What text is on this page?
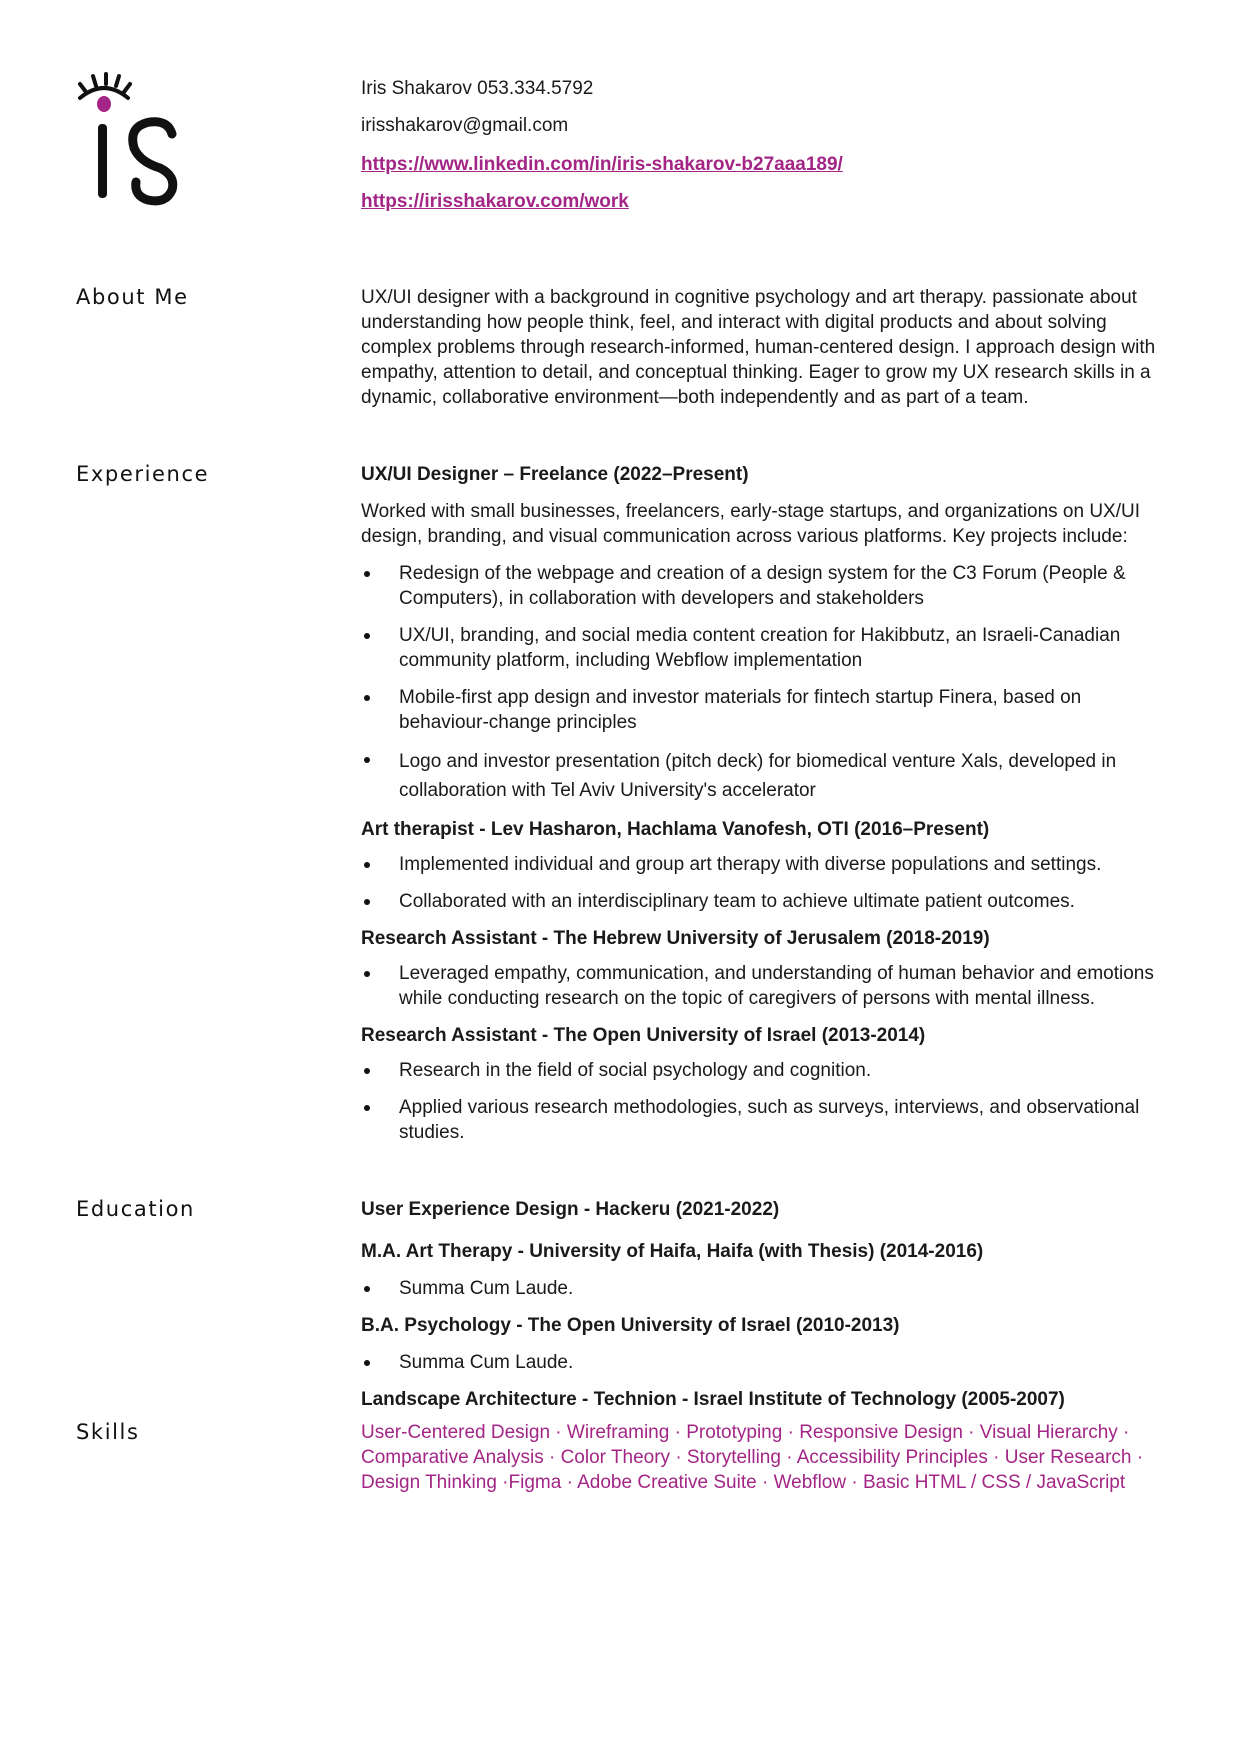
Iris Shakarov 053.334.5792
irisshakarov@gmail.com
https://www.linkedin.com/in/iris-shakarov-b27aaa189/
https://irisshakarov.com/work
About Me	UX/UI designer with a background in cognitive psychology and art therapy. passionate about understanding how people think, feel, and interact with digital products and about solving complex problems through research-informed, human-centered design. I approach design with empathy, attention to detail, and conceptual thinking. Eager to grow my UX research skills in a dynamic, collaborative environment—both independently and as part of a team.
Experience	UX/UI Designer – Freelance (2022–Present)

Worked with small businesses, freelancers, early-stage startups, and organizations on UX/UI design, branding, and visual communication across various platforms. Key projects include:

Redesign of the webpage and creation of a design system for the C3 Forum (People & Computers), in collaboration with developers and stakeholders
UX/UI, branding, and social media content creation for Hakibbutz, an Israeli-Canadian community platform, including Webflow implementation
Mobile-first app design and investor materials for fintech startup Finera, based on behaviour-change principles
Logo and investor presentation (pitch deck) for biomedical venture Xals, developed in collaboration with Tel Aviv University's accelerator
Art therapist - Lev Hasharon, Hachlama Vanofesh, OTI (2016–Present)
Implemented individual and group art therapy with diverse populations and settings.
Collaborated with an interdisciplinary team to achieve ultimate patient outcomes.
Research Assistant - The Hebrew University of Jerusalem (2018-2019)
Leveraged empathy, communication, and understanding of human behavior and emotions while conducting research on the topic of caregivers of persons with mental illness.
Research Assistant - The Open University of Israel (2013-2014)
Research in the field of social psychology and cognition.
Applied various research methodologies, such as surveys, interviews, and observational studies.
Education	User Experience Design - Hackeru (2021-2022)
M.A. Art Therapy - University of Haifa, Haifa (with Thesis) (2014-2016)
Summa Cum Laude.
B.A. Psychology - The Open University of Israel (2010-2013)
Summa Cum Laude.
Landscape Architecture - Technion - Israel Institute of Technology (2005-2007)
Skills	User-Centered Design · Wireframing · Prototyping · Responsive Design · Visual Hierarchy · Comparative Analysis · Color Theory · Storytelling · Accessibility Principles · User Research · Design Thinking ·Figma · Adobe Creative Suite · Webflow · Basic HTML / CSS / JavaScript
